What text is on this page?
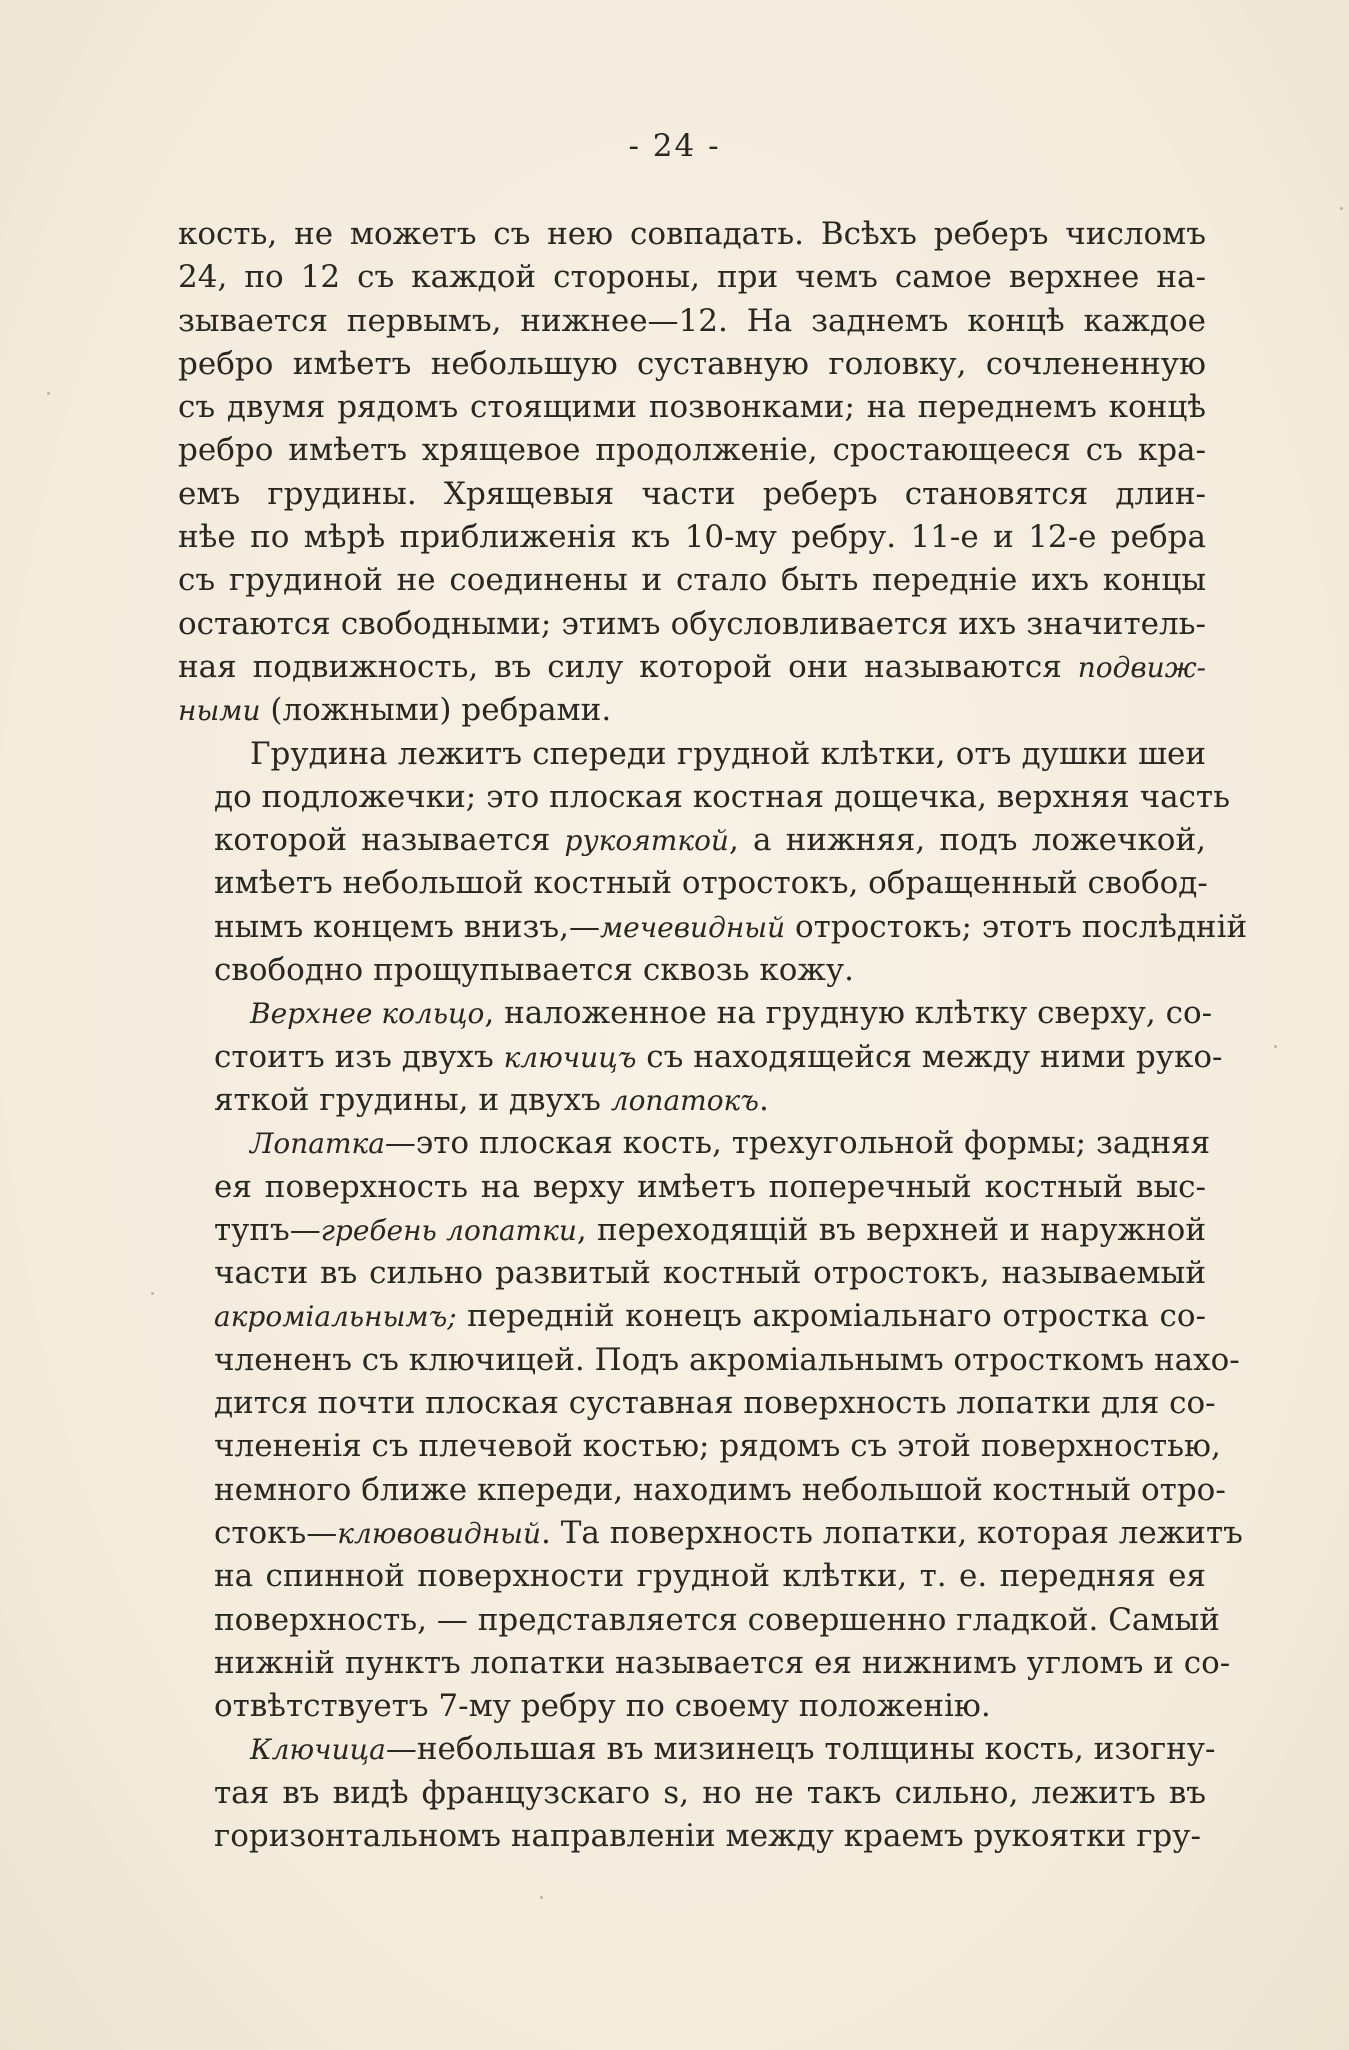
- 24 -

кость, не можетъ съ нею совпадать. Всѣхъ реберъ числомъ
24, по 12 съ каждой стороны, при чемъ самое верхнее на-
зывается первымъ, нижнее—12. На заднемъ концѣ каждое
ребро имѣетъ небольшую суставную головку, сочлененную
съ двумя рядомъ стоящими позвонками; на переднемъ концѣ
ребро имѣетъ хрящевое продолженіе, сростающееся съ кра-
емъ грудины. Хрящевыя части реберъ становятся длин-
нѣе по мѣрѣ приближенія къ 10-му ребру. 11-е и 12-е ребра
съ грудиной не соединены и стало быть передніе ихъ концы
остаются свободными; этимъ обусловливается ихъ значитель-
ная подвижность, въ силу которой они называются подвиж-
ными (ложными) ребрами.

Грудина лежитъ спереди грудной клѣтки, отъ душки шеи
до подложечки; это плоская костная дощечка, верхняя часть
которой называется рукояткой, а нижняя, подъ ложечкой,
имѣетъ небольшой костный отростокъ, обращенный свобод-
нымъ концемъ внизъ,—мечевидный отростокъ; этотъ послѣдній
свободно прощупывается сквозь кожу.

Верхнее кольцо, наложенное на грудную клѣтку сверху, со-
стоитъ изъ двухъ ключицъ съ находящейся между ними руко-
яткой грудины, и двухъ лопатокъ.

Лопатка—это плоская кость, трехугольной формы; задняя
ея поверхность на верху имѣетъ поперечный костный выс-
тупъ—гребень лопатки, переходящій въ верхней и наружной
части въ сильно развитый костный отростокъ, называемый
акроміальнымъ; передній конецъ акроміальнаго отростка со-
члененъ съ ключицей. Подъ акроміальнымъ отросткомъ нахо-
дится почти плоская суставная поверхность лопатки для со-
члененія съ плечевой костью; рядомъ съ этой поверхностью,
немного ближе кпереди, находимъ небольшой костный отро-
стокъ—клювовидный. Та поверхность лопатки, которая лежитъ
на спинной поверхности грудной клѣтки, т. е. передняя ея
поверхность, — представляется совершенно гладкой. Самый
нижній пунктъ лопатки называется ея нижнимъ угломъ и со-
отвѣтствуетъ 7-му ребру по своему положенію.

Ключица—небольшая въ мизинецъ толщины кость, изогну-
тая въ видѣ французскаго s, но не такъ сильно, лежитъ въ
горизонтальномъ направленіи между краемъ рукоятки гру-
